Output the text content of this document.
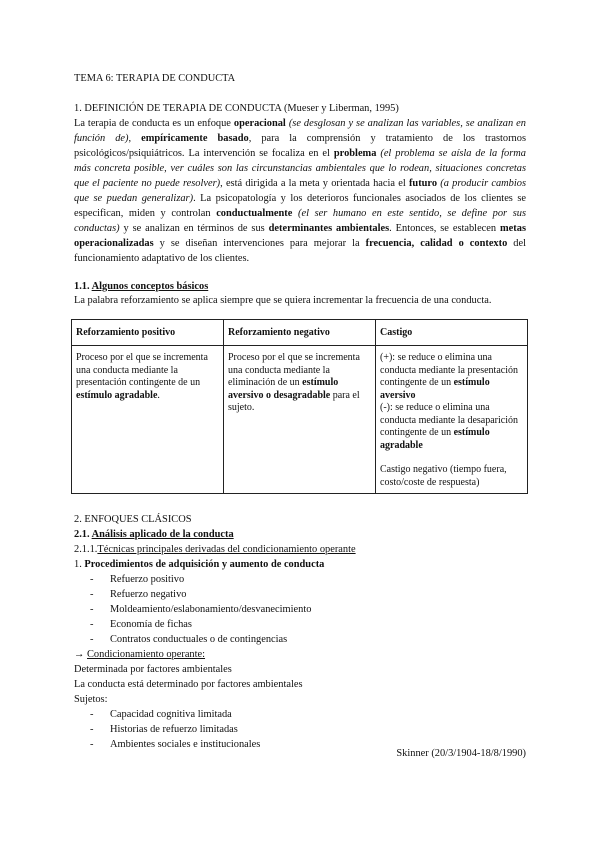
TEMA 6: TERAPIA DE CONDUCTA

1. DEFINICIÓN DE TERAPIA DE CONDUCTA (Mueser y Liberman, 1995)

La terapia de conducta es un enfoque operacional (se desglosan y se analizan las variables, se analizan en función de), empíricamente basado, para la comprensión y tratamiento de los trastornos psicológicos/psiquiátricos. La intervención se focaliza en el problema (el problema se aísla de la forma más concreta posible, ver cuáles son las circunstancias ambientales que lo rodean, situaciones concretas que el paciente no puede resolver), está dirigida a la meta y orientada hacia el futuro (a producir cambios que se puedan generalizar). La psicopatología y los deterioros funcionales asociados de los clientes se especifican, miden y controlan conductualmente (el ser humano en este sentido, se define por sus conductas) y se analizan en términos de sus determinantes ambientales. Entonces, se establecen metas operacionalizadas y se diseñan intervenciones para mejorar la frecuencia, calidad o contexto del funcionamiento adaptativo de los clientes.

1.1. Algunos conceptos básicos

La palabra reforzamiento se aplica siempre que se quiera incrementar la frecuencia de una conducta.

Reforzamiento positivo	Reforzamiento negativo	Castigo
Proceso por el que se incrementa una conducta mediante la presentación contingente de un estímulo agradable.	Proceso por el que se incrementa una conducta mediante la eliminación de un estímulo aversivo o desagradable para el sujeto.	(+): se reduce o elimina una conducta mediante la presentación contingente de un estímulo aversivo
(-): se reduce o elimina una conducta mediante la desaparición contingente de un estímulo agradable
Castigo negativo (tiempo fuera, costo/coste de respuesta)

2. ENFOQUES CLÁSICOS

2.1. Análisis aplicado de la conducta

2.1.1.Técnicas principales derivadas del condicionamiento operante

1. Procedimientos de adquisición y aumento de conducta

- Refuerzo positivo
- Refuerzo negativo
- Moldeamiento/eslabonamiento/desvanecimiento
- Economía de fichas
- Contratos conductuales o de contingencias

→ Condicionamiento operante:

Determinada por factores ambientales

La conducta está determinado por factores ambientales

Sujetos:

- Capacidad cognitiva limitada
- Historias de refuerzo limitadas
- Ambientes sociales e institucionales

Skinner (20/3/1904-18/8/1990)
